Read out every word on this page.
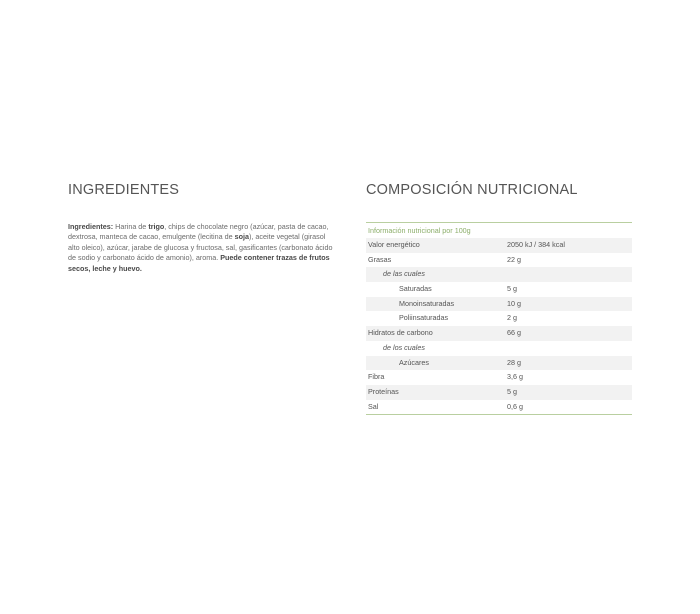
INGREDIENTES
Ingredientes: Harina de trigo, chips de chocolate negro (azúcar, pasta de cacao, dextrosa, manteca de cacao, emulgente (lecitina de soja), aceite vegetal (girasol alto oleico), azúcar, jarabe de glucosa y fructosa, sal, gasificantes (carbonato ácido de sodio y carbonato ácido de amonio), aroma. Puede contener trazas de frutos secos, leche y huevo.
COMPOSICIÓN NUTRICIONAL
Información nutricional por 100g
Valor energético	2050 kJ / 384 kcal
Grasas	22 g
de las cuales
Saturadas	5 g
Monoinsaturadas	10 g
Poliinsaturadas	2 g
Hidratos de carbono	66 g
de los cuales
Azúcares	28 g
Fibra	3,6 g
Proteínas	5 g
Sal	0,6 g
